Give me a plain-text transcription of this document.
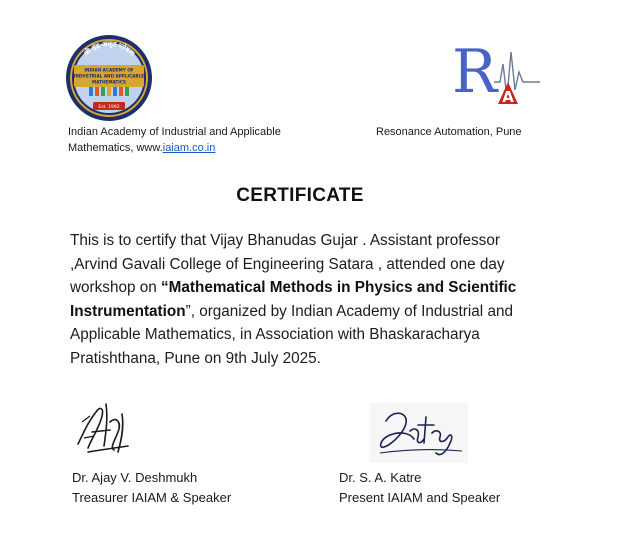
श्री इंद्र अमृत प्लेषण
INDIAN ACADEMY OF
INDUSTRIAL AND APPLICABLE
MATHEMATICS
Est. 1992
R A
Indian Academy of Industrial and Applicable
Mathematics, www.iaiam.co.in
Resonance Automation, Pune
CERTIFICATE
This is to certify that Vijay Bhanudas Gujar . Assistant professor
,Arvind Gavali College of Engineering Satara , attended one day
workshop on “Mathematical Methods in Physics and Scientific
Instrumentation”, organized by Indian Academy of Industrial and
Applicable Mathematics, in Association with Bhaskaracharya
Pratishthana, Pune on 9th July 2025.
Dr. Ajay V. Deshmukh
Treasurer IAIAM & Speaker
Dr. S. A. Katre
Present IAIAM and Speaker
